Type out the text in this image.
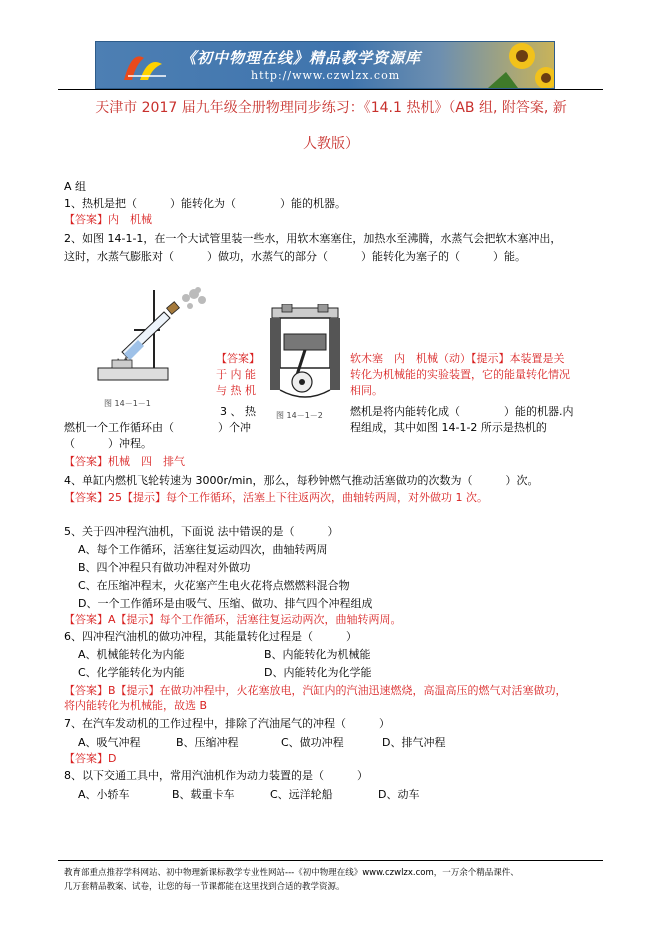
《初中物理在线》精品教学资源库
http://www.czwlzx.com
天津市 2017 届九年级全册物理同步练习：《14.1 热机》（AB 组, 附答案, 新
人教版）
A 组
1、热机是把（　　　）能转化为（　　　　）能的机器。
【答案】内　机械
2、如图 14-1-1，在一个大试管里装一些水，用软木塞塞住，加热水至沸腾，水蒸气会把软木塞冲出，
这时，水蒸气膨胀对（　　　）做功，水蒸气的部分（　　　）能转化为塞子的（　　　）能。
图 14－1－1
图 14－1－2
【答案】
于 内 能
与 热 机
软木塞　内　机械（动）【提示】本装置是关
转化为机械能的实验装置，它的能量转化情况
相同。
3 、 热	燃机是将内能转化成（　　　　）能的机器.内
程组成，其中如图 14-1-2 所示是热机的
燃机一个工作循环由（　　　　）个冲
（　　　）冲程。
【答案】机械　四　排气
4、单缸内燃机飞轮转速为 3000r/min，那么，每秒钟燃气推动活塞做功的次数为（　　　）次。
【答案】25【提示】每个工作循环，活塞上下往返两次，曲轴转两周，对外做功 1 次。
5、关于四冲程汽油机，下面说 法中错误的是（　　　）
A、每个工作循环，活塞往复运动四次，曲轴转两周
B、四个冲程只有做功冲程对外做功
C、在压缩冲程末，火花塞产生电火花将点燃燃料混合物
D、一个工作循环是由吸气、压缩、做功、排气四个冲程组成
【答案】A【提示】每个工作循环，活塞往复运动两次，曲轴转两周。
6、四冲程汽油机的做功冲程，其能量转化过程是（　　　）
A、机械能转化为内能	B、内能转化为机械能
C、化学能转化为内能	D、内能转化为化学能
【答案】B【提示】在做功冲程中，火花塞放电，汽缸内的汽油迅速燃烧，高温高压的燃气对活塞做功，
将内能转化为机械能，故选 B
7、在汽车发动机的工作过程中，排除了汽油尾气的冲程（　　　）
A、吸气冲程	B、压缩冲程	C、做功冲程	D、排气冲程
【答案】D
8、以下交通工具中，常用汽油机作为动力装置的是（　　　）
A、小轿车	B、载重卡车	C、远洋轮船	D、动车
教育部重点推荐学科网站、初中物理新课标教学专业性网站---《初中物理在线》www.czwlzx.com，一万余个精品课件、
几万套精品教案、试卷，让您的每一节课都能在这里找到合适的教学资源。
